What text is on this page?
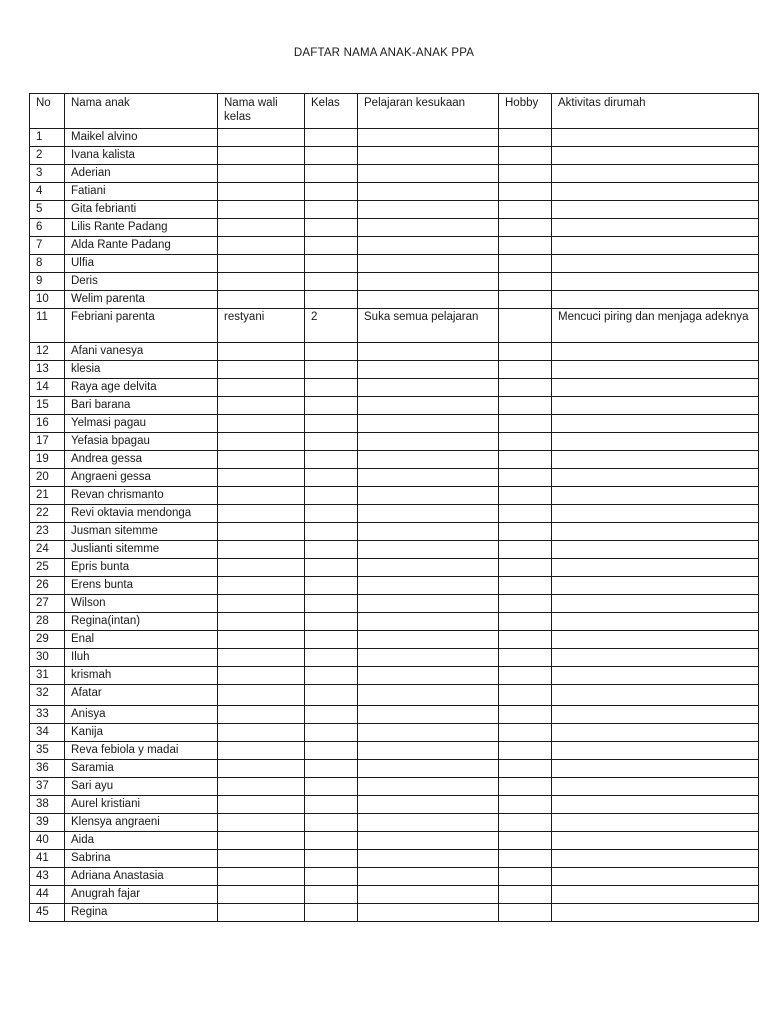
DAFTAR NAMA ANAK-ANAK PPA
No	Nama anak	Nama wali kelas	Kelas	Pelajaran kesukaan	Hobby	Aktivitas dirumah
1	Maikel alvino					
2	Ivana kalista					
3	Aderian					
4	Fatiani					
5	Gita febrianti					
6	Lilis Rante Padang					
7	Alda Rante Padang					
8	Ulfia					
9	Deris					
10	Welim parenta					
11	Febriani parenta	restyani	2	Suka semua pelajaran		Mencuci piring dan menjaga adeknya
12	Afani vanesya					
13	klesia					
14	Raya age delvita					
15	Bari barana					
16	Yelmasi pagau					
17	Yefasia bpagau					
19	Andrea gessa					
20	Angraeni gessa					
21	Revan chrismanto					
22	Revi oktavia mendonga					
23	Jusman sitemme					
24	Juslianti sitemme					
25	Epris bunta					
26	Erens bunta					
27	Wilson					
28	Regina(intan)					
29	Enal					
30	Iluh					
31	krismah					
32	Afatar					
33	Anisya					
34	Kanija					
35	Reva febiola y madai					
36	Saramia					
37	Sari ayu					
38	Aurel kristiani					
39	Klensya angraeni					
40	Aida					
41	Sabrina					
43	Adriana Anastasia					
44	Anugrah fajar					
45	Regina					
